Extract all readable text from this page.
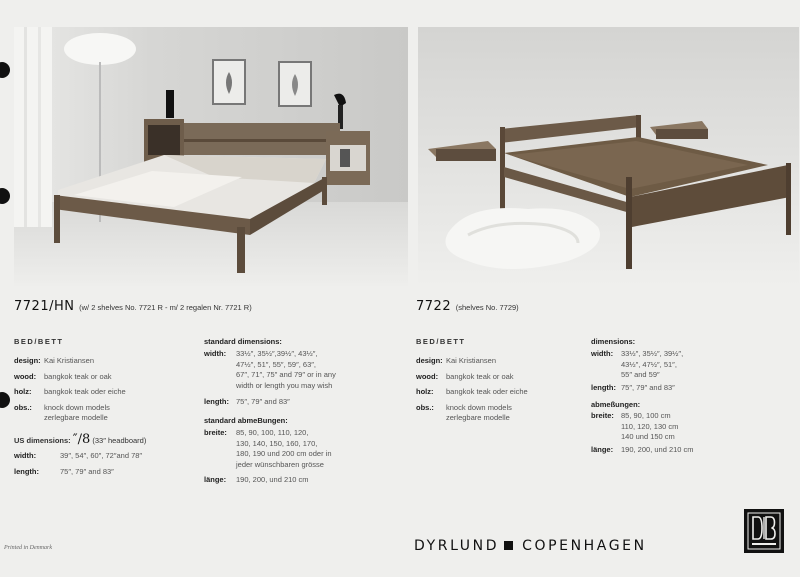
7721/HN (w/ 2 shelves No. 7721 R - m/ 2 regalen Nr. 7721 R)
BED/BETT
design: Kai Kristiansen
wood:	bangkok teak or oak
holz:	bangkok teak oder eiche
obs.:	knock down models
zerlegbare modelle
US dimensions: ″/8 (33″ headboard)
width:	39″, 54″, 60″, 72″and 78″
length:	75″, 79″ and 83″
standard dimensions:
width:	33½″, 35½″,39½″, 43½″,
47½″, 51″, 55″, 59″, 63″,
67″, 71″, 75″ and 79″ or in any
width or length you may wish
length: 75″, 79″ and 83″
standard abmeBungen:
breite:	85, 90, 100, 110, 120,
130, 140, 150, 160, 170,
180, 190 und 200 cm oder in
jeder wünschbaren grösse
länge:	190, 200, und 210 cm
7722 (shelves No. 7729)
BED/BETT
design: Kai Kristiansen
wood:	bangkok teak or oak
holz:	bangkok teak oder eiche
obs.:	knock down models
zerlegbare modelle
dimensions:
width:	33½″, 35½″, 39½″,
43½″, 47½″, 51″,
55″ and 59″
length: 75″, 79″ and 83″
abmeßungen:
breite: 85, 90, 100 cm
110, 120, 130 cm
140 und 150 cm
länge:	190, 200, und 210 cm
Printed in Denmark	DYRLUND COPENHAGEN
